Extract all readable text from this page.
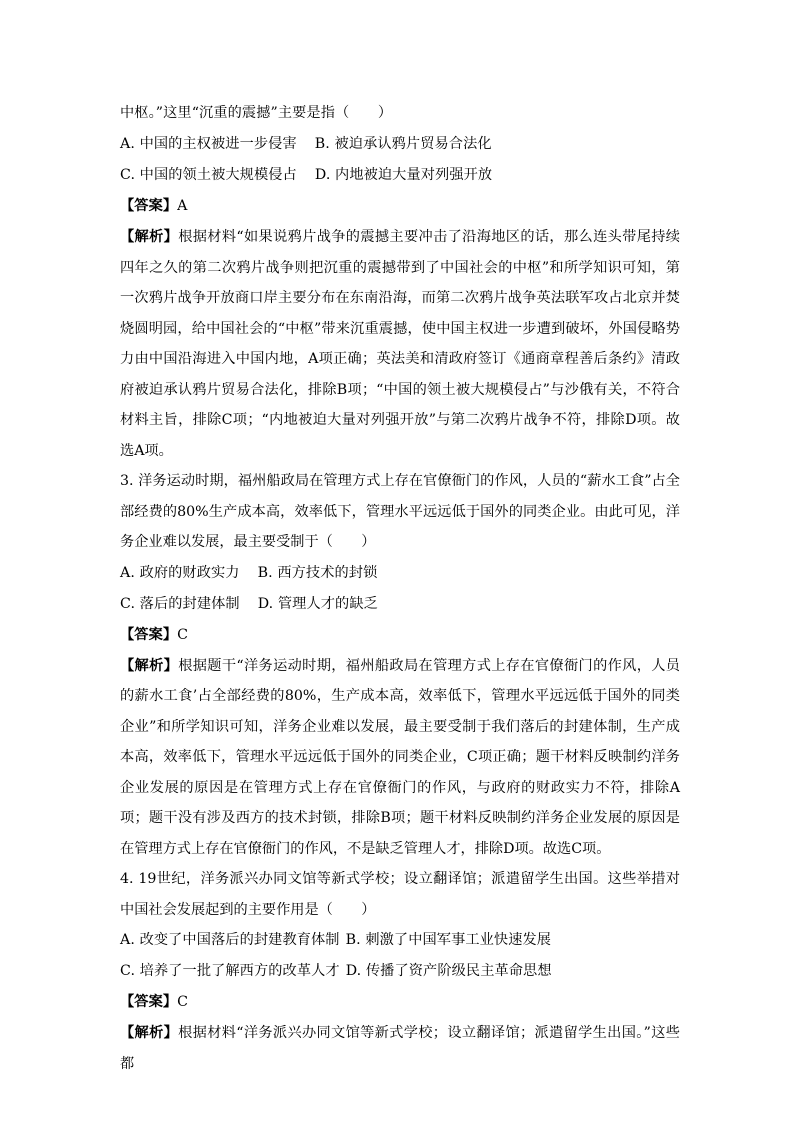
中枢。”这里“沉重的震撼”主要是指（　　）
A. 中国的主权被进一步侵害 B. 被迫承认鸦片贸易合法化
C. 中国的领土被大规模侵占 D. 内地被迫大量对列强开放
【答案】A
【解析】根据材料“如果说鸦片战争的震撼主要冲击了沿海地区的话，那么连头带尾持续四年之久的第二次鸦片战争则把沉重的震撼带到了中国社会的中枢”和所学知识可知，第一次鸦片战争开放商口岸主要分布在东南沿海，而第二次鸦片战争英法联军攻占北京并焚烧圆明园，给中国社会的“中枢”带来沉重震撼，使中国主权进一步遭到破坏，外国侵略势力由中国沿海进入中国内地，A项正确；英法美和清政府签订《通商章程善后条约》清政府被迫承认鸦片贸易合法化，排除B项；“中国的领土被大规模侵占”与沙俄有关，不符合材料主旨，排除C项；“内地被迫大量对列强开放”与第二次鸦片战争不符，排除D项。故选A项。
3. 洋务运动时期，福州船政局在管理方式上存在官僚衙门的作风，人员的“薪水工食”占全部经费的80%生产成本高，效率低下，管理水平远远低于国外的同类企业。由此可见，洋务企业难以发展，最主要受制于（　　）
A. 政府的财政实力 B. 西方技术的封锁
C. 落后的封建体制 D. 管理人才的缺乏
【答案】C
【解析】根据题干“洋务运动时期，福州船政局在管理方式上存在官僚衙门的作风，人员的薪水工食’占全部经费的80%，生产成本高，效率低下，管理水平远远低于国外的同类企业”和所学知识可知，洋务企业难以发展，最主要受制于我们落后的封建体制，生产成本高，效率低下，管理水平远远低于国外的同类企业，C项正确；题干材料反映制约洋务企业发展的原因是在管理方式上存在官僚衙门的作风，与政府的财政实力不符，排除A项；题干没有涉及西方的技术封锁，排除B项；题干材料反映制约洋务企业发展的原因是在管理方式上存在官僚衙门的作风，不是缺乏管理人才，排除D项。故选C项。
4. 19世纪，洋务派兴办同文馆等新式学校；设立翻译馆；派遣留学生出国。这些举措对中国社会发展起到的主要作用是（　　）
A. 改变了中国落后的封建教育体制 B. 刺激了中国军事工业快速发展
C. 培养了一批了解西方的改革人才 D. 传播了资产阶级民主革命思想
【答案】C
【解析】根据材料“洋务派兴办同文馆等新式学校；设立翻译馆；派遣留学生出国。”这些都
